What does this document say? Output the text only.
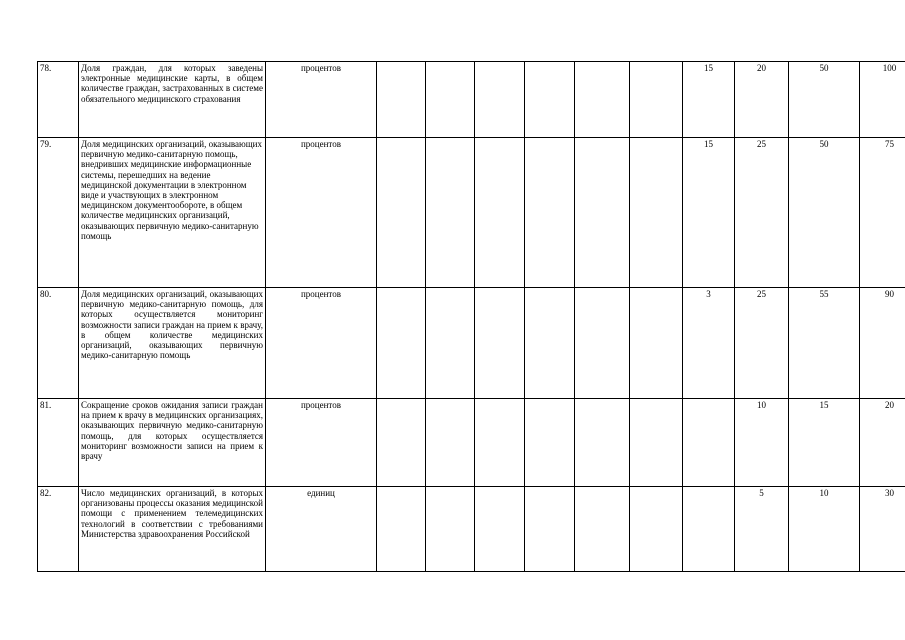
78.	Доля граждан, для которых заведены электронные медицинские карты, в общем количестве граждан, застрахованных в системе обязательного медицинского страхования	процентов							15	20	50	100
79.	Доля медицинских организаций, оказывающих первичную медико-санитарную помощь, внедривших медицинские информационные системы, перешедших на ведение медицинской документации в электронном виде и участвующих в электронном медицинском документообороте, в общем количестве медицинских организаций, оказывающих первичную медико-санитарную помощь	процентов							15	25	50	75
80.	Доля медицинских организаций, оказывающих первичную медико-санитарную помощь, для которых осуществляется мониторинг возможности записи граждан на прием к врачу, в общем количестве медицинских организаций, оказывающих первичную медико-санитарную помощь	процентов							3	25	55	90
81.	Сокращение сроков ожидания записи граждан на прием к врачу в медицинских организациях, оказывающих первичную медико-санитарную помощь, для которых осуществляется мониторинг возможности записи на прием к врачу	процентов								10	15	20
82.	Число медицинских организаций, в которых организованы процессы оказания медицинской помощи с применением телемедицинских технологий в соответствии с требованиями Министерства здравоохранения Российской	единиц								5	10	30
